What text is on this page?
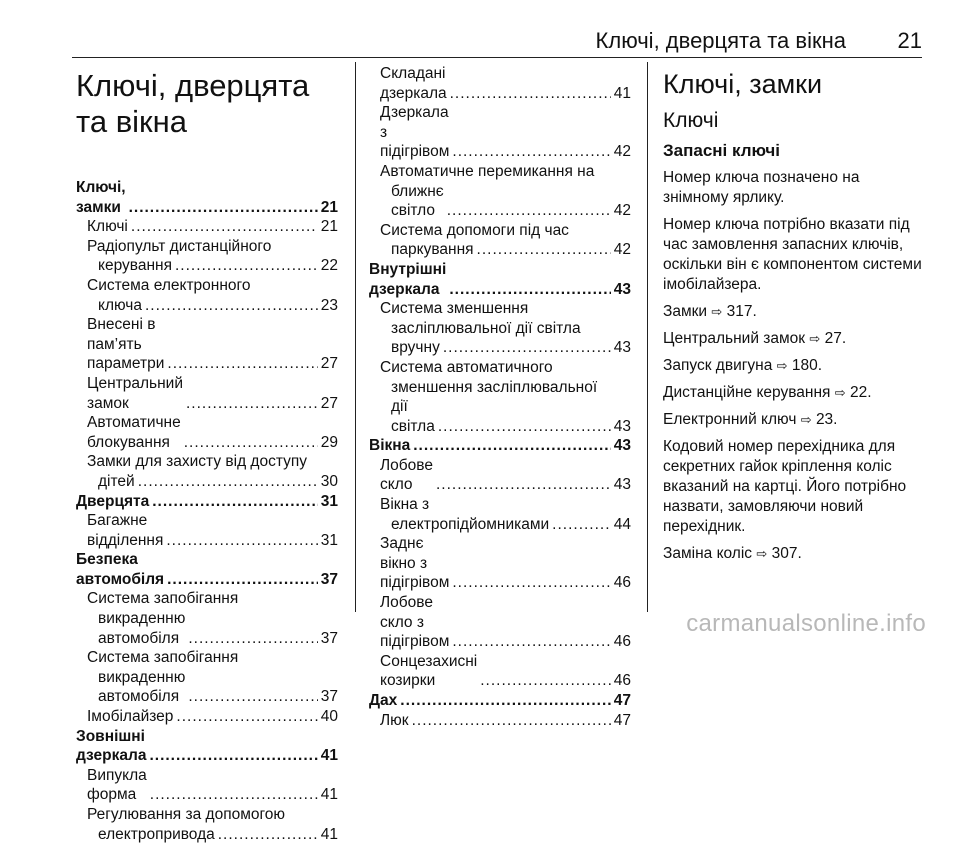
Ключі, дверцята та вікна 21
Ключі, дверцята та вікна
Ключі, замки .....	21
Ключі .....	21
Радіопульт дистанційного
керування .....	22
Система електронного
ключа .....	23
Внесені в пам’ять параметри .....	27
Центральний замок .....	27
Автоматичне блокування .....	29
Замки для захисту від доступу
дітей .....	30
Дверцята .....	31
Багажне відділення .....	31
Безпека автомобіля .....	37
Система запобігання
викраденню автомобіля .....	37
Система запобігання
викраденню автомобіля .....	37
Імобілайзер .....	40
Зовнішні дзеркала .....	41
Випукла форма .....	41
Регулювання за допомогою
електропривода .....	41
Складані дзеркала .....	41
Дзеркала з підігрівом .....	42
Автоматичне перемикання на
ближнє світло .....	42
Система допомоги під час
паркування .....	42
Внутрішні дзеркала .....	43
Система зменшення
засліплювальної дії світла
вручну .....	43
Система автоматичного
зменшення засліплювальної
дії світла .....	43
Вікна .....	43
Лобове скло .....	43
Вікна з
електропідйомниками .....	44
Заднє вікно з підігрівом .....	46
Лобове скло з підігрівом .....	46
Сонцезахисні козирки .....	46
Дах .....	47
Люк .....	47
Ключі, замки
Ключі
Запасні ключі

Номер ключа позначено на знімному ярлику.

Номер ключа потрібно вказати під час замовлення запасних ключів, оскільки він є компонентом системи імобілайзера.

Замки ⇨ 317.

Центральний замок ⇨ 27.

Запуск двигуна ⇨ 180.

Дистанційне керування ⇨ 22.

Електронний ключ ⇨ 23.

Кодовий номер перехідника для секретних гайок кріплення коліс вказаний на картці. Його потрібно назвати, замовляючи новий перехідник.

Заміна коліс ⇨ 307.

carmanualsonline.info
